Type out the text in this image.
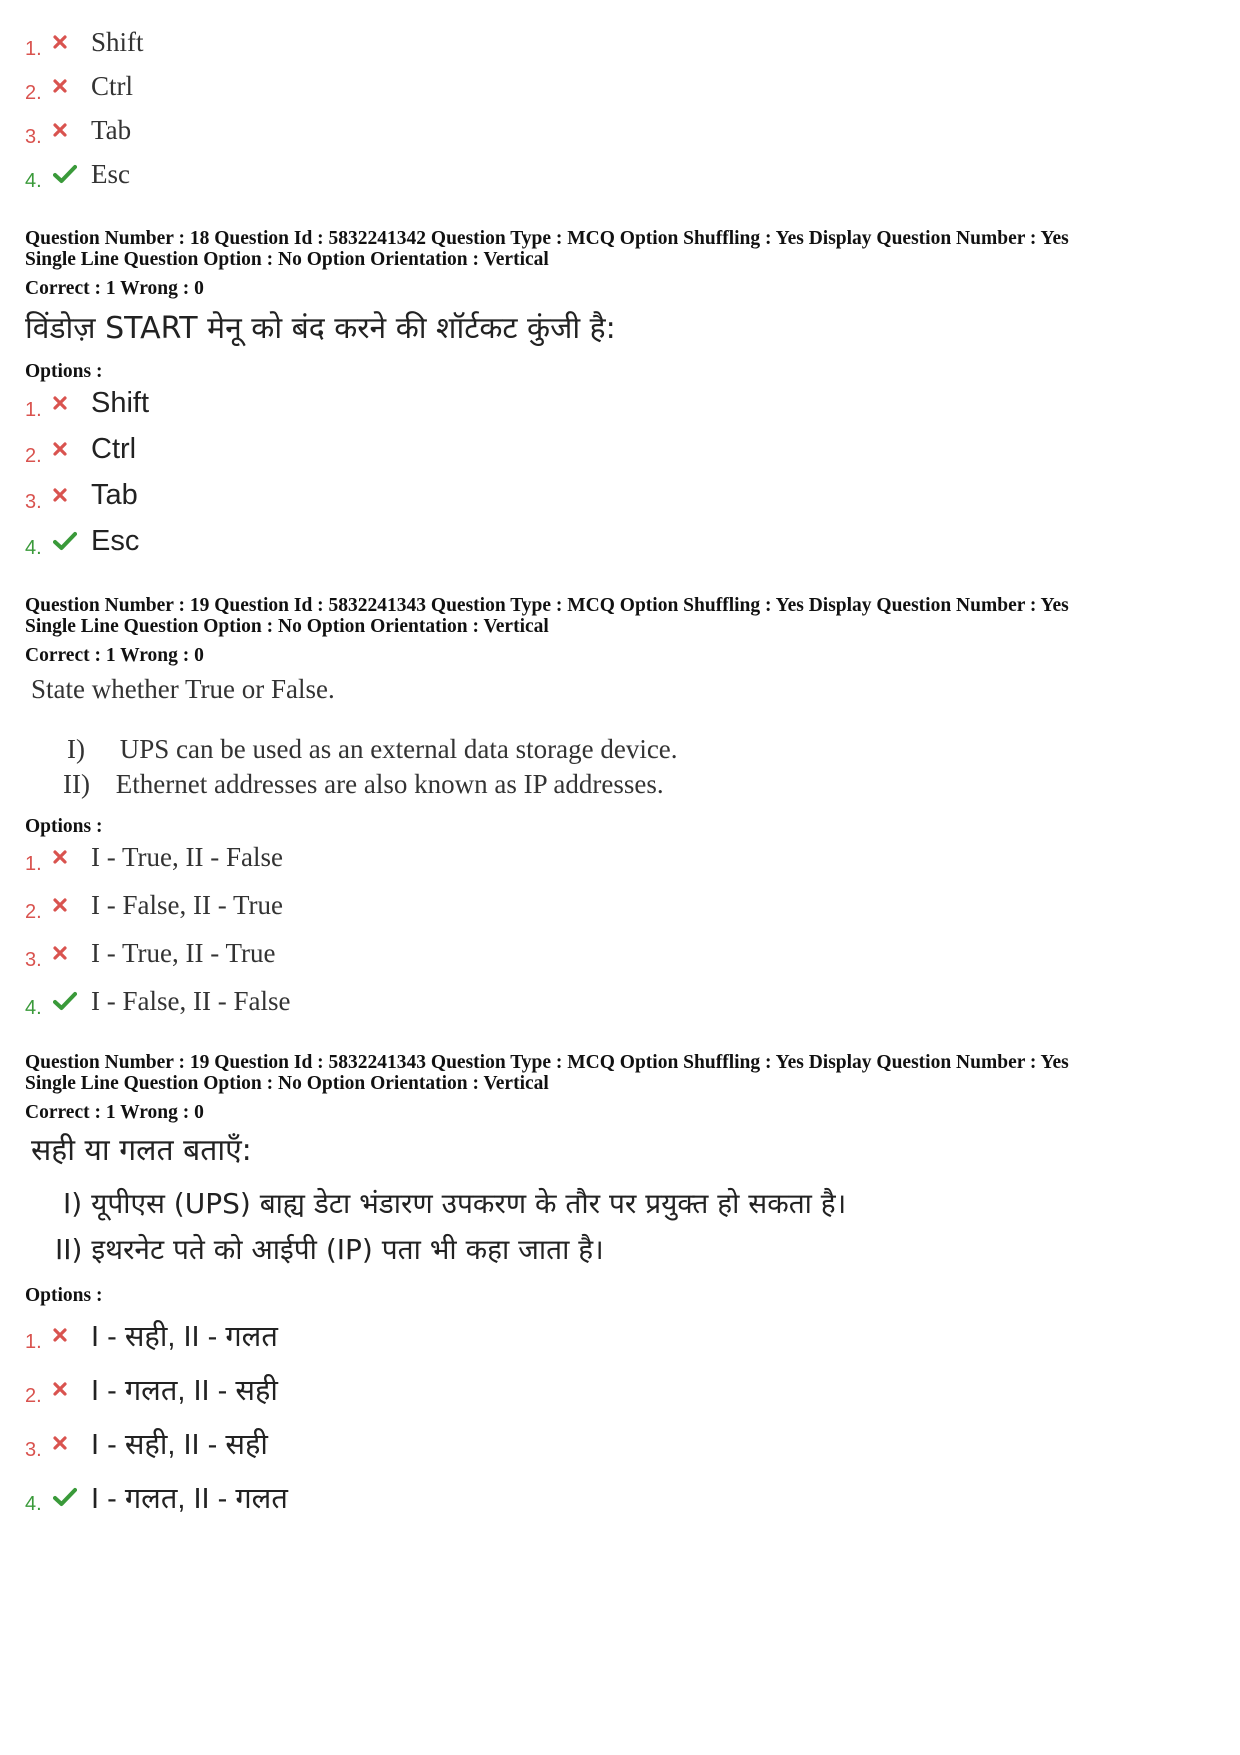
1.	Shift
2.	Ctrl
3.	Tab
4.	Esc
Question Number : 18 Question Id : 5832241342 Question Type : MCQ Option Shuffling : Yes Display Question Number : Yes
Single Line Question Option : No Option Orientation : Vertical
Correct : 1 Wrong : 0
विंडोज़ START मेनू को बंद करने की शॉर्टकट कुंजी है:
Options :
1.	Shift
2.	Ctrl
3.	Tab
4.	Esc
Question Number : 19 Question Id : 5832241343 Question Type : MCQ Option Shuffling : Yes Display Question Number : Yes
Single Line Question Option : No Option Orientation : Vertical
Correct : 1 Wrong : 0
State whether True or False.
I) UPS can be used as an external data storage device.
II) Ethernet addresses are also known as IP addresses.
Options :
1.	I - True, II - False
2.	I - False, II - True
3.	I - True, II - True
4.	I - False, II - False
Question Number : 19 Question Id : 5832241343 Question Type : MCQ Option Shuffling : Yes Display Question Number : Yes
Single Line Question Option : No Option Orientation : Vertical
Correct : 1 Wrong : 0
सही या गलत बताएँ:
I) यूपीएस (UPS) बाह्य डेटा भंडारण उपकरण के तौर पर प्रयुक्त हो सकता है।
II) इथरनेट पते को आईपी (IP) पता भी कहा जाता है।
Options :
1.	I - सही, II - गलत
2.	I - गलत, II - सही
3.	I - सही, II - सही
4.	I - गलत, II - गलत
